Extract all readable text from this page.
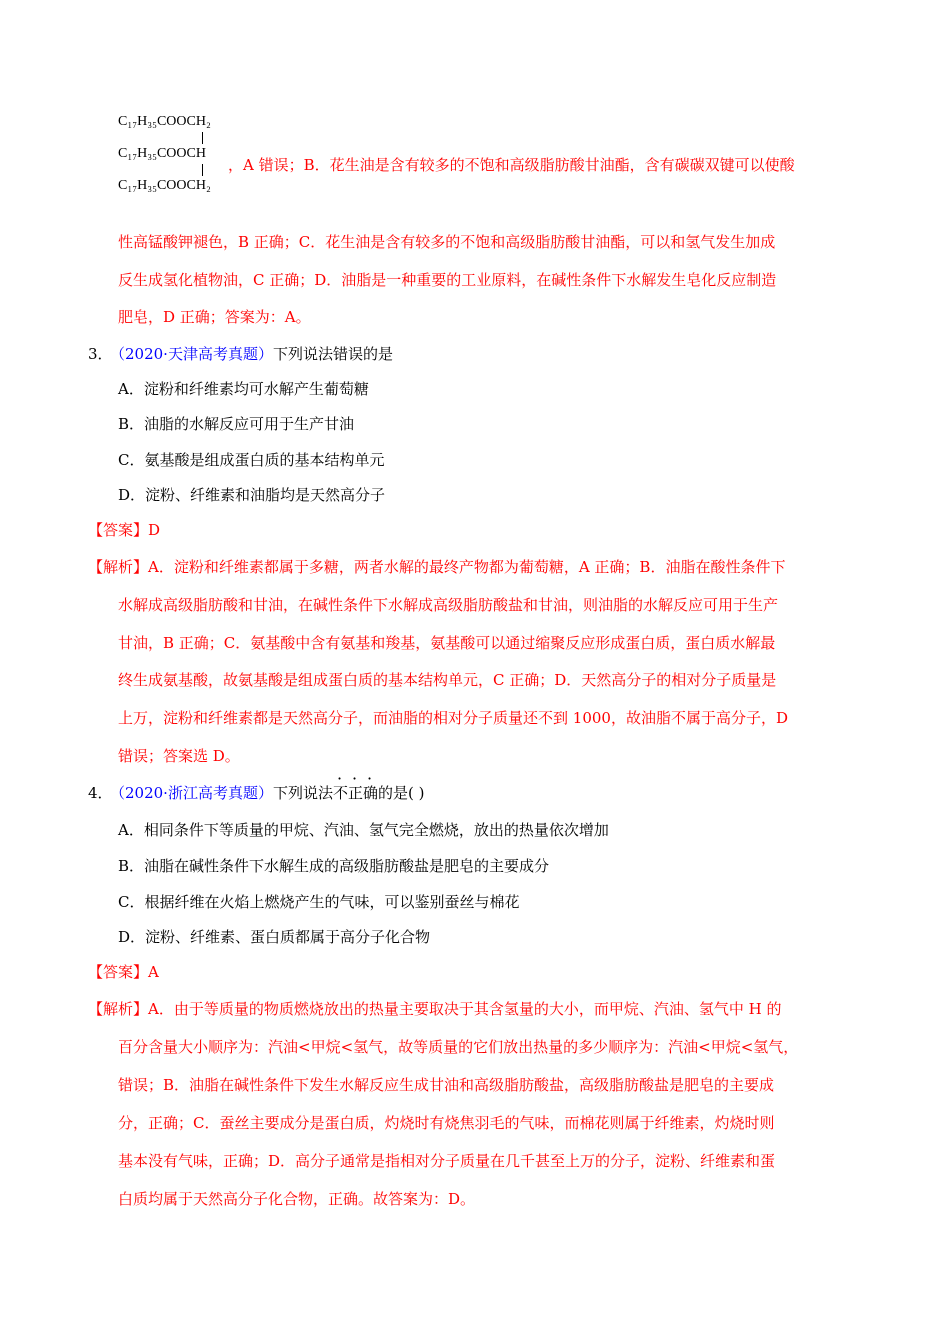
C₁₇H₃₅COOCH₂
C₁₇H₃₅COOCH
C₁₇H₃₅COOCH₂
，A 错误；B．花生油是含有较多的不饱和高级脂肪酸甘油酯，含有碳碳双键可以使酸
性高锰酸钾褪色，B 正确；C．花生油是含有较多的不饱和高级脂肪酸甘油酯，可以和氢气发生加成
反生成氢化植物油，C 正确；D．油脂是一种重要的工业原料，在碱性条件下水解发生皂化反应制造
肥皂，D 正确；答案为：A。
3．
（2020·天津高考真题）下列说法错误的是
A．淀粉和纤维素均可水解产生葡萄糖
B．油脂的水解反应可用于生产甘油
C．氨基酸是组成蛋白质的基本结构单元
D．淀粉、纤维素和油脂均是天然高分子
【答案】D
【解析】A．淀粉和纤维素都属于多糖，两者水解的最终产物都为葡萄糖，A 正确；B．油脂在酸性条件下
水解成高级脂肪酸和甘油，在碱性条件下水解成高级脂肪酸盐和甘油，则油脂的水解反应可用于生产
甘油，B 正确；C．氨基酸中含有氨基和羧基，氨基酸可以通过缩聚反应形成蛋白质，蛋白质水解最
终生成氨基酸，故氨基酸是组成蛋白质的基本结构单元，C 正确；D．天然高分子的相对分子质量是
上万，淀粉和纤维素都是天然高分子，而油脂的相对分子质量还不到 1000，故油脂不属于高分子，D
错误；答案选 D。
4．
（2020·浙江高考真题）下列说法不正确的是( )
A．相同条件下等质量的甲烷、汽油、氢气完全燃烧，放出的热量依次增加
B．油脂在碱性条件下水解生成的高级脂肪酸盐是肥皂的主要成分
C．根据纤维在火焰上燃烧产生的气味，可以鉴别蚕丝与棉花
D．淀粉、纤维素、蛋白质都属于高分子化合物
【答案】A
【解析】A．由于等质量的物质燃烧放出的热量主要取决于其含氢量的大小，而甲烷、汽油、氢气中 H 的
百分含量大小顺序为：汽油<甲烷<氢气，故等质量的它们放出热量的多少顺序为：汽油<甲烷<氢气，
错误；B．油脂在碱性条件下发生水解反应生成甘油和高级脂肪酸盐，高级脂肪酸盐是肥皂的主要成
分，正确；C．蚕丝主要成分是蛋白质，灼烧时有烧焦羽毛的气味，而棉花则属于纤维素，灼烧时则
基本没有气味，正确；D．高分子通常是指相对分子质量在几千甚至上万的分子，淀粉、纤维素和蛋
白质均属于天然高分子化合物，正确。故答案为：D。
